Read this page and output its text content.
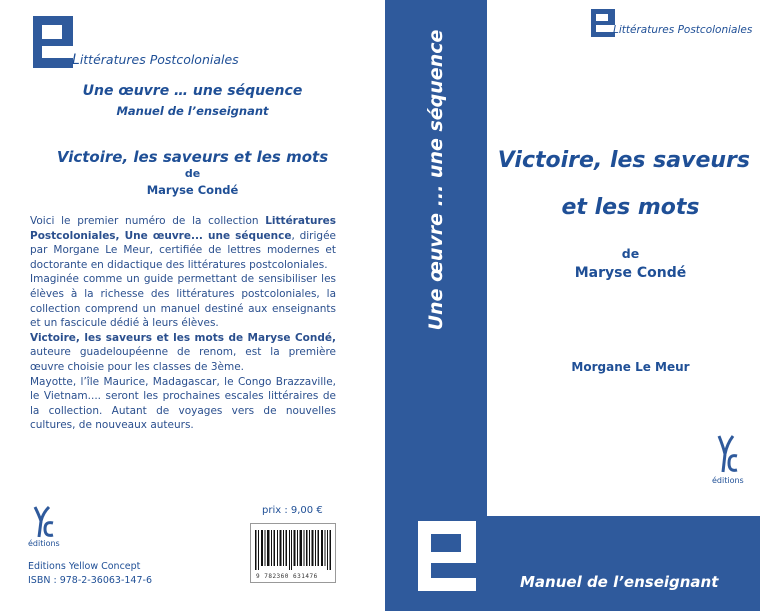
Littératures Postcoloniales
Une œuvre … une séquence
Manuel de l’enseignant
Victoire, les saveurs et les mots
de
Maryse Condé

Voici le premier numéro de la collection Littératures Postcoloniales, Une œuvre... une séquence, dirigée par Morgane Le Meur, certifiée de lettres modernes et doctorante en didactique des littératures postcoloniales.

Imaginée comme un guide permettant de sensibiliser les élèves à la richesse des littératures postcoloniales, la collection comprend un manuel destiné aux enseignants et un fascicule dédié à leurs élèves.

Victoire, les saveurs et les mots de Maryse Condé, auteure guadeloupéenne de renom, est la première œuvre choisie pour les classes de 3ème.

Mayotte, l’île Maurice, Madagascar, le Congo Brazzaville, le Vietnam.... seront les prochaines escales littéraires de la collection. Autant de voyages vers de nouvelles cultures, de nouveaux auteurs.

éditions
Editions Yellow Concept
ISBN : 978-2-36063-147-6
prix : 9,00 €
9 782360 631476
Une œuvre ... une séquence	Littératures Postcoloniales
Victoire, les saveurs
et les mots
de
Maryse Condé
Morgane Le Meur
éditions
Manuel de l’enseignant
